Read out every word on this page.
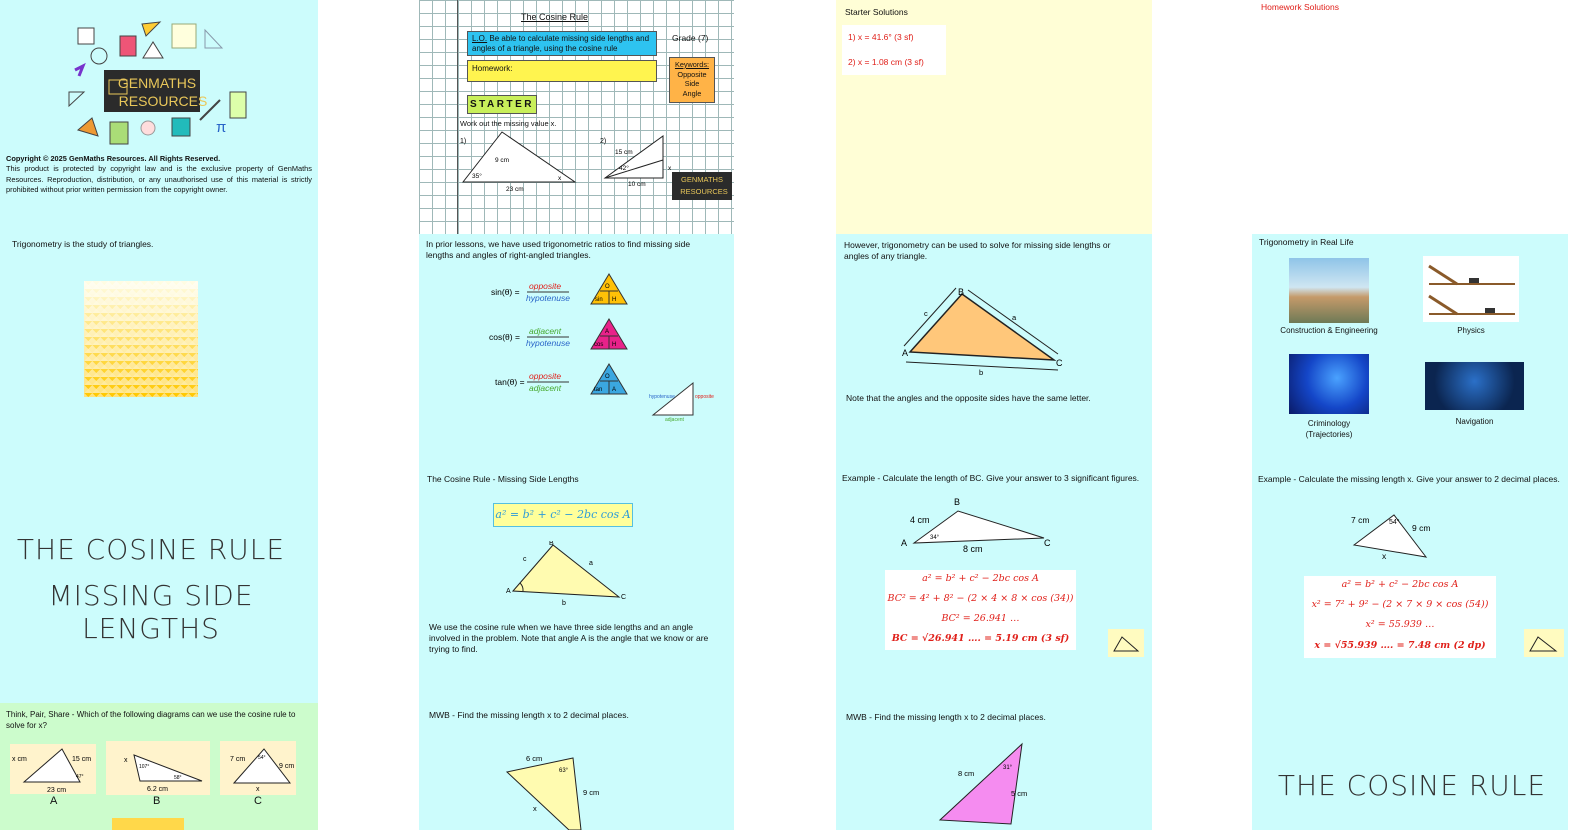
GENMATHS
RESOURCES
π
Copyright © 2025 GenMaths Resources. All Rights Reserved.
This product is protected by copyright law and is the exclusive property of GenMaths Resources. Reproduction, distribution, or any unauthorised use of this material is strictly prohibited without prior written permission from the copyright owner.
The Cosine Rule
L.O. Be able to calculate missing side lengths and angles of a triangle, using the cosine rule
Grade (7)
Homework:	Keywords:
Opposite
Side
Angle
STARTER
Work out the missing value x.
1)
9 cm
35°
23 cm
x
2)
15 cm
42°
10 cm
x
GENMATHS
RESOURCES
Starter Solutions
1) x = 41.6° (3 sf)
2) x = 1.08 cm (3 sf)
Homework Solutions
Trigonometry is the study of triangles.	In prior lessons, we have used trigonometric ratios to find missing side lengths and angles of right-angled triangles.
sin(θ) =
opposite
hypotenuse
cos(θ) =
adjacent
hypotenuse
tan(θ) =
opposite
adjacent
O
sin H
A
cos H
O
tan A
hypotenuse	opposite
adjacent
However, trigonometry can be used to solve for missing side lengths or angles of any triangle.
A
B
C
a
b
c
Note that the angles and the opposite sides have the same letter.
Trigonometry in Real Life
Construction & Engineering	Physics
Criminology (Trajectories)
Navigation
THE COSINE RULE
MISSING SIDE LENGTHS
The Cosine Rule - Missing Side Lengths
a² = b² + c² − 2bc cos A
A
B
C
a
b
c
We use the cosine rule when we have three side lengths and an angle involved in the problem. Note that angle A is the angle that we know or are trying to find.
Example - Calculate the length of BC. Give your answer to 3 significant figures.
B
A	C
4 cm
8 cm
34°
a² = b² + c² − 2bc cos A
BC² = 4² + 8² − (2 × 4 × 8 × cos (34))
BC² = 26.941 …
BC = √26.941 …. = 5.19 cm (3 sf)
Example - Calculate the missing length x. Give your answer to 2 decimal places.
7 cm
9 cm
54°
x
a² = b² + c² − 2bc cos A
x² = 7² + 9² − (2 × 7 × 9 × cos (54))
x² = 55.939 …
x = √55.939 …. = 7.48 cm (2 dp)
Think, Pair, Share - Which of the following diagrams can we use the cosine rule to solve for x?
x cm	15 cm
47°
23 cm
A
x
107°
58°
6.2 cm
B
7 cm
9 cm
54°
x
C
MWB - Find the missing length x to 2 decimal places.
6 cm
9 cm
63°
x
MWB - Find the missing length x to 2 decimal places.
8 cm
5 cm
31°
THE COSINE RULE
